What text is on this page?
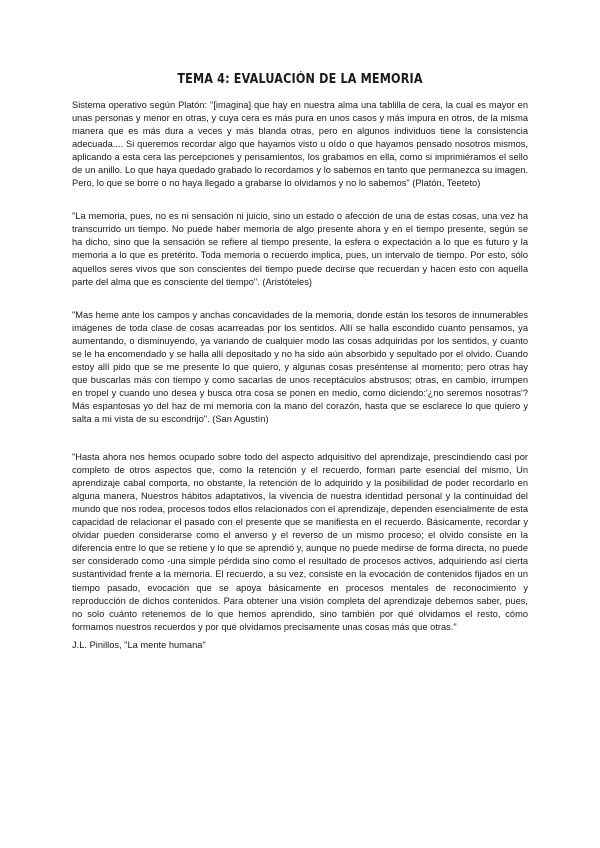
TEMA 4: EVALUACIÓN DE LA MEMORIA

Sistema operativo según Platón: "[imagina] que hay en nuestra alma una tablilla de cera, la cual es mayor en unas personas y menor en otras, y cuya cera es más pura en unos casos y más impura en otros, de la misma manera que es más dura a veces y más blanda otras, pero en algunos individuos tiene la consistencia adecuada.... Si queremos recordar algo que hayamos visto u oído o que hayamos pensado nosotros mismos, aplicando a esta cera las percepciones y pensamientos, los grabamos en ella, como si imprimiéramos el sello de un anillo. Lo que haya quedado grabado lo recordamos y lo sabemos en tanto que permanezca su imagen. Pero, lo que se borre o no haya llegado a grabarse lo olvidamos y no lo sabemos" (Platón, Teeteto)

"La memoria, pues, no es ni sensación ni juicio, sino un estado o afección de una de estas cosas, una vez ha transcurrido un tiempo. No puede haber memoria de algo presente ahora y en el tiempo presente, según se ha dicho, sino que la sensación se refiere al tiempo presente, la esfera o expectación a lo que es futuro y la memoria a lo que es pretérito. Toda memoria o recuerdo implica, pues, un intervalo de tiempo. Por esto, sólo aquellos seres vivos que son conscientes del tiempo puede decirse que recuerdan y hacen esto con aquella parte del alma que es consciente del tiempo". (Aristóteles)

"Mas heme ante los campos y anchas concavidades de la memoria, donde están los tesoros de innumerables imágenes de toda clase de cosas acarreadas por los sentidos. Allí se halla escondido cuanto pensamos, ya aumentando, o disminuyendo, ya variando de cualquier modo las cosas adquiridas por los sentidos, y cuanto se le ha encomendado y se halla allí depositado y no ha sido aún absorbido y sepultado por el olvido. Cuando estoy allí pido que se me presente lo que quiero, y algunas cosas preséntense al momento; pero otras hay que buscarlas más con tiempo y como sacarlas de unos receptáculos abstrusos; otras, en cambio, irrumpen en tropel y cuando uno desea y busca otra cosa se ponen en medio, como diciendo:'¿no seremos nosotras'? Más espantosas yo del haz de mi memoria con la mano del corazón, hasta que se esclarece lo que quiero y salta a mi vista de su escondrijo". (San Agustín)

"Hasta ahora nos hemos ocupado sobre todo del aspecto adquisitivo del aprendizaje, prescindiendo casi por completo de otros aspectos que, como la retención y el recuerdo, forman parte esencial del mismo, Un aprendizaje cabal comporta, no obstante, la retención de lo adquirido y la posibilidad de poder recordarlo en alguna manera, Nuestros hábitos adaptativos, la vivencia de nuestra identidad personal y la continuidad del mundo que nos rodea, procesos todos ellos relacionados con el aprendizaje, dependen esencialmente de esta capacidad de relacionar el pasado con el presente que se manifiesta en el recuerdo. Básicamente, recordar y olvidar pueden considerarse como el anverso y el reverso de un mismo proceso; el olvido consiste en la diferencia entre lo que se retiene y lo que se aprendió y, aunque no puede medirse de forma directa, no puede ser considerado como -una simple pérdida sino como el resultado de procesos activos, adquiriendo así cierta sustantividad frente a la memoria. El recuerdo, a su vez, consiste en la evocación de contenidos fijados en un tiempo pasado, evocación que se apoya básicamente en procesos mentales de reconocimiento y reproducción de dichos contenidos. Para obtener una visión completa del aprendizaje debemos saber, pues, no solo cuánto retenemos de lo que hemos aprendido, sino también por qué olvidamos el resto, cómo formamos nuestros recuerdos y por qué olvidamos precisamente unas cosas más que otras."

J.L. Pinillos, "La mente humana"
